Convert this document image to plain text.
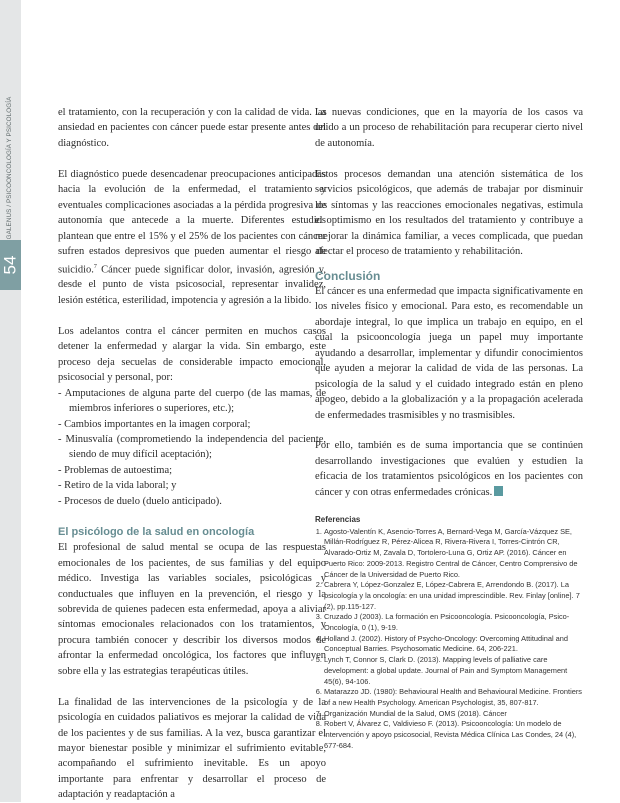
GALENUS / PSICOONCOLOGÍA Y PSICOLOGÍA
54

el tratamiento, con la recuperación y con la calidad de vida. La ansiedad en pacientes con cáncer puede estar presente antes del diagnóstico.

El diagnóstico puede desencadenar preocupaciones anticipadas hacia la evolución de la enfermedad, el tratamiento y eventuales complicaciones asociadas a la pérdida progresiva de autonomía que antecede a la muerte. Diferentes estudios plantean que entre el 15% y el 25% de los pacientes con cáncer sufren estados depresivos que pueden aumentar el riesgo de suicidio.$^7$ Cáncer puede significar dolor, invasión, agresión y, desde el punto de vista psicosocial, representar invalidez, lesión estética, esterilidad, impotencia y agresión a la libido.

Los adelantos contra el cáncer permiten en muchos casos detener la enfermedad y alargar la vida. Sin embargo, este proceso deja secuelas de considerable impacto emocional, psicosocial y personal, por:

- Amputaciones de alguna parte del cuerpo (de las mamas, de miembros inferiores o superiores, etc.);
- Cambios importantes en la imagen corporal;
- Minusvalía (comprometiendo la independencia del paciente, siendo de muy difícil aceptación);
- Problemas de autoestima;
- Retiro de la vida laboral; y
- Procesos de duelo (duelo anticipado).

El psicólogo de la salud en oncología

El profesional de salud mental se ocupa de las respuestas emocionales de los pacientes, de sus familias y del equipo médico. Investiga las variables sociales, psicológicas y conductuales que influyen en la prevención, el riesgo y la sobrevida de quienes padecen esta enfermedad, apoya a aliviar síntomas emocionales relacionados con los tratamientos, y procura también conocer y describir los diversos modos de afrontar la enfermedad oncológica, los factores que influyen sobre ella y las estrategias terapéuticas útiles.

La finalidad de las intervenciones de la psicología y de la psicología en cuidados paliativos es mejorar la calidad de vida de los pacientes y de sus familias. A la vez, busca garantizar el mayor bienestar posible y minimizar el sufrimiento evitable, acompañando el sufrimiento inevitable. Es un apoyo importante para enfrentar y desarrollar el proceso de adaptación y readaptación a

las nuevas condiciones, que en la mayoría de los casos va unido a un proceso de rehabilitación para recuperar cierto nivel de autonomía.

Estos procesos demandan una atención sistemática de los servicios psicológicos, que además de trabajar por disminuir los síntomas y las reacciones emocionales negativas, estimula el optimismo en los resultados del tratamiento y contribuye a mejorar la dinámica familiar, a veces complicada, que puedan afectar el proceso de tratamiento y rehabilitación.

Conclusión

El cáncer es una enfermedad que impacta significativamente en los niveles físico y emocional. Para esto, es recomendable un abordaje integral, lo que implica un trabajo en equipo, en el cual la psicooncología juega un papel muy importante ayudando a desarrollar, implementar y difundir conocimientos que ayuden a mejorar la calidad de vida de las personas. La psicología de la salud y el cuidado integrado están en pleno apogeo, debido a la globalización y a la propagación acelerada de enfermedades trasmisibles y no trasmisibles.

Por ello, también es de suma importancia que se continúen desarrollando investigaciones que evalúen y estudien la eficacia de los tratamientos psicológicos en los pacientes con cáncer y con otras enfermedades crónicas.

Referencias

1. Agosto-Valentín K, Asencio-Torres A, Bernard-Vega M, García-Vázquez SE, Millán-Rodríguez R, Pérez-Alicea R, Rivera-Rivera I, Torres-Cintrón CR, Alvarado-Ortiz M, Zavala D, Tortolero-Luna G, Ortiz AP. (2016). Cáncer en Puerto Rico: 2009-2013. Registro Central de Cáncer, Centro Comprensivo de Cáncer de la Universidad de Puerto Rico.
2. Cabrera Y, López-Gonzalez E, López-Cabrera E, Arrendondo B. (2017). La psicología y la oncología: en una unidad imprescindible. Rev. Finlay [online]. 7 (2), pp.115-127.
3. Cruzado J (2003). La formación en Psicooncología. Psicooncología, Psico-Oncología, 0 (1), 9-19.
4. Holland J. (2002). History of Psycho-Oncology: Overcoming Attitudinal and Conceptual Barries. Psychosomatic Medicine. 64, 206-221.
5. Lynch T, Connor S, Clark D. (2013). Mapping levels of palliative care development: a global update. Journal of Pain and Symptom Management 45(6), 94-106.
6. Matarazzo JD. (1980): Behavioural Health and Behavioural Medicine. Frontiers of a new Health Psychology. American Psychologist, 35, 807-817.
7. Organización Mundial de la Salud, OMS (2018). Cáncer
8. Robert V, Álvarez C, Valdivieso F. (2013). Psicooncología: Un modelo de intervención y apoyo psicosocial, Revista Médica Clínica Las Condes, 24 (4), 677-684.
